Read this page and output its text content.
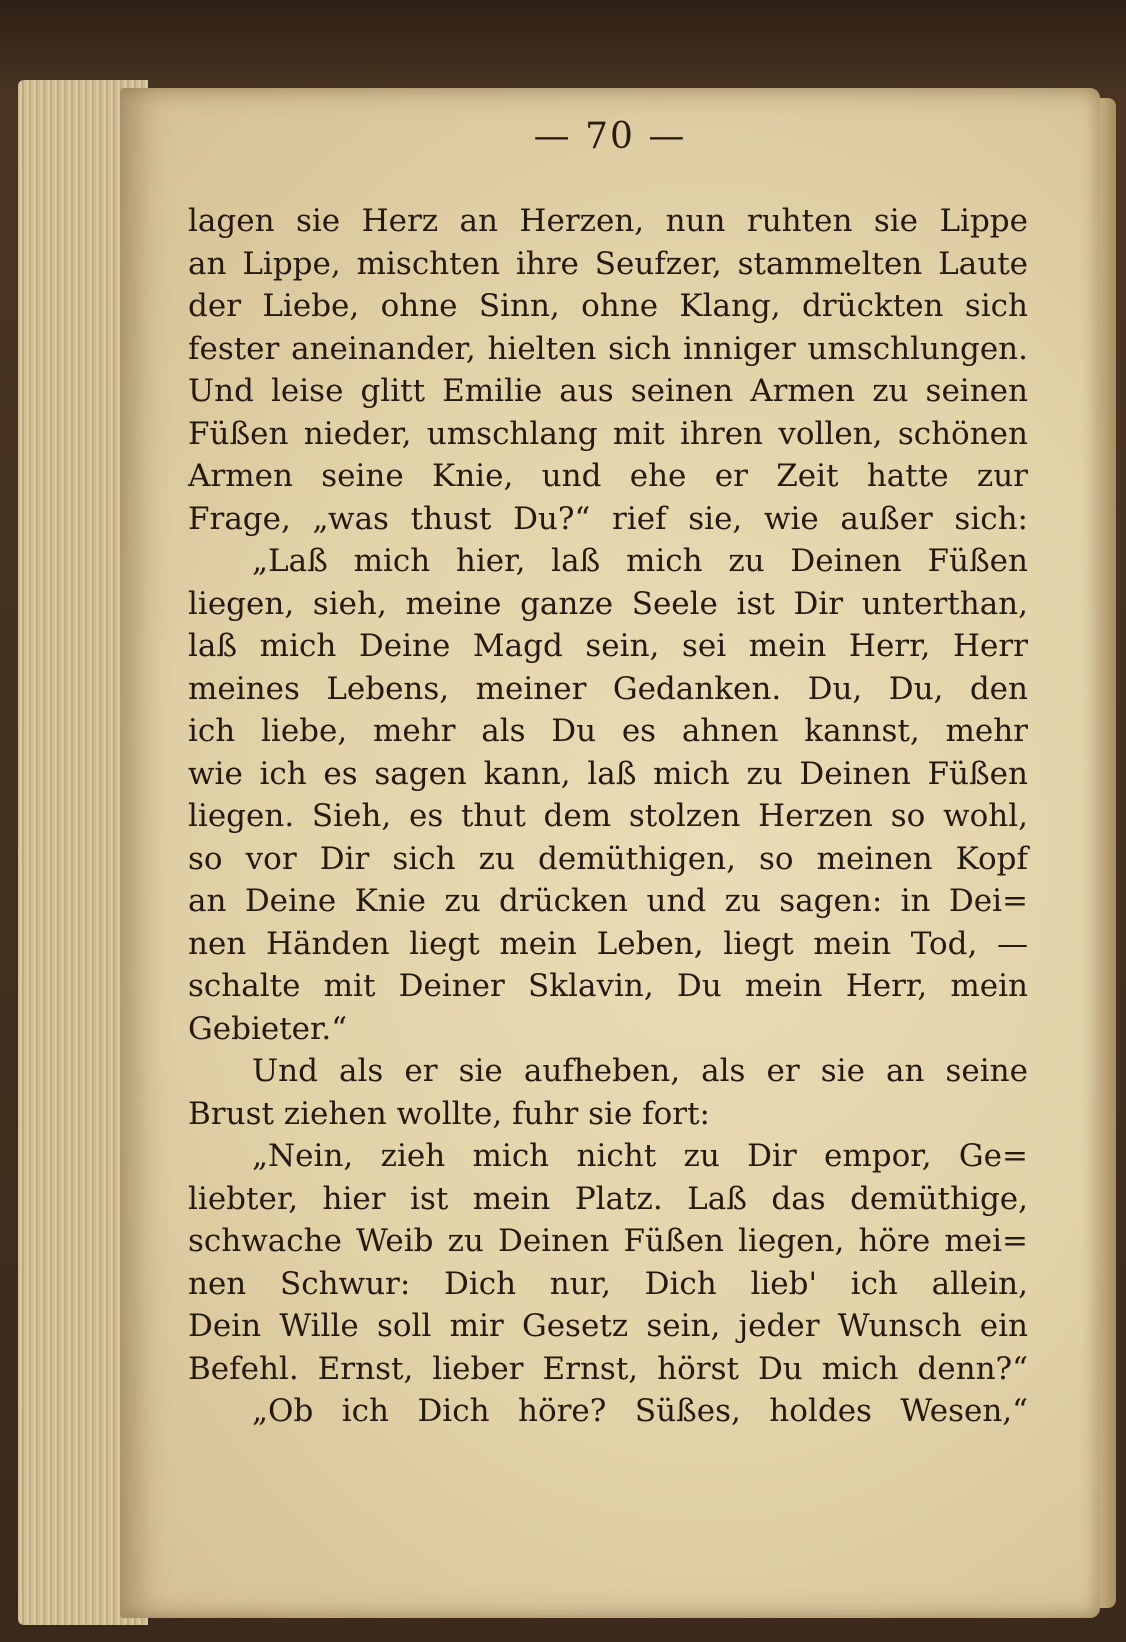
— 70 —
lagen sie Herz an Herzen, nun ruhten sie Lippe
an Lippe, mischten ihre Seufzer, stammelten Laute
der Liebe, ohne Sinn, ohne Klang, drückten sich
fester aneinander, hielten sich inniger umschlungen.
Und leise glitt Emilie aus seinen Armen zu seinen
Füßen nieder, umschlang mit ihren vollen, schönen
Armen seine Knie, und ehe er Zeit hatte zur
Frage, „was thust Du?“ rief sie, wie außer sich:
„Laß mich hier, laß mich zu Deinen Füßen
liegen, sieh, meine ganze Seele ist Dir unterthan,
laß mich Deine Magd sein, sei mein Herr, Herr
meines Lebens, meiner Gedanken. Du, Du, den
ich liebe, mehr als Du es ahnen kannst, mehr
wie ich es sagen kann, laß mich zu Deinen Füßen
liegen. Sieh, es thut dem stolzen Herzen so wohl,
so vor Dir sich zu demüthigen, so meinen Kopf
an Deine Knie zu drücken und zu sagen: in Dei=
nen Händen liegt mein Leben, liegt mein Tod, —
schalte mit Deiner Sklavin, Du mein Herr, mein
Gebieter.“
Und als er sie aufheben, als er sie an seine
Brust ziehen wollte, fuhr sie fort:
„Nein, zieh mich nicht zu Dir empor, Ge=
liebter, hier ist mein Platz. Laß das demüthige,
schwache Weib zu Deinen Füßen liegen, höre mei=
nen Schwur: Dich nur, Dich lieb' ich allein,
Dein Wille soll mir Gesetz sein, jeder Wunsch ein
Befehl. Ernst, lieber Ernst, hörst Du mich denn?“
„Ob ich Dich höre? Süßes, holdes Wesen,“
